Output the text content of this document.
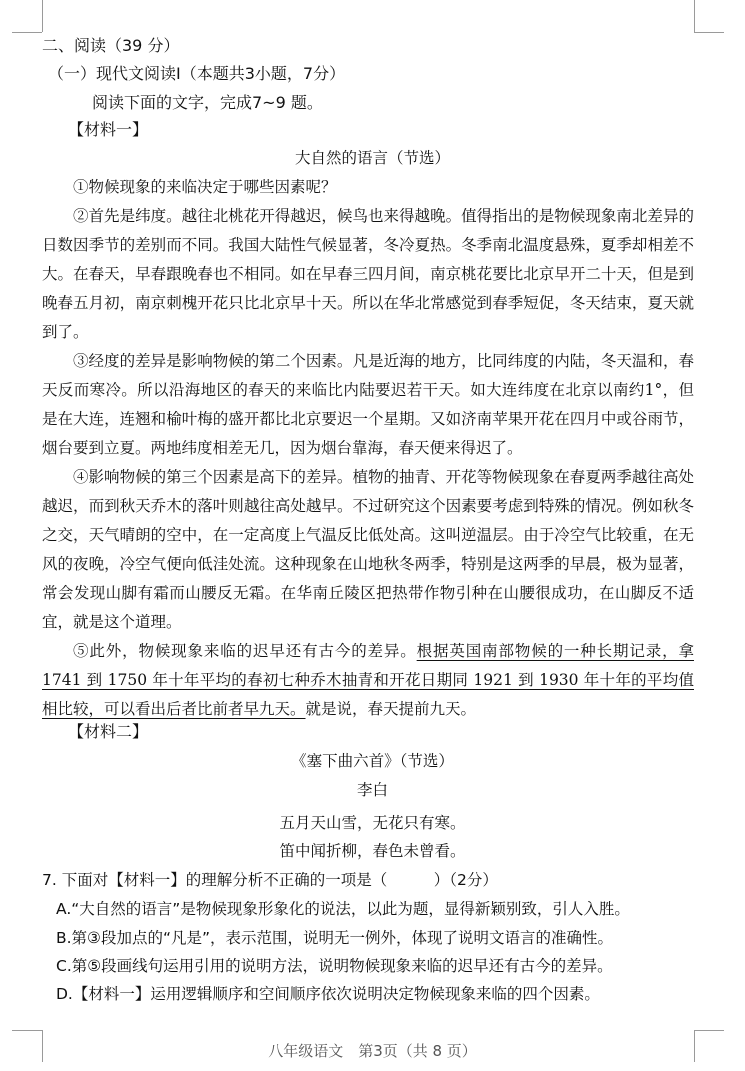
二、阅读（39 分）
（一）现代文阅读Ⅰ（本题共3小题，7分）
阅读下面的文字，完成7~9 题。
【材料一】
大自然的语言（节选）

①物候现象的来临决定于哪些因素呢？

②首先是纬度。越往北桃花开得越迟，候鸟也来得越晚。值得指出的是物候现象南北差异的日数因季节的差别而不同。我国大陆性气候显著，冬冷夏热。冬季南北温度悬殊，夏季却相差不大。在春天，早春跟晚春也不相同。如在早春三四月间，南京桃花要比北京早开二十天，但是到晚春五月初，南京刺槐开花只比北京早十天。所以在华北常感觉到春季短促，冬天结束，夏天就到了。

③经度的差异是影响物候的第二个因素。凡是近海的地方，比同纬度的内陆，冬天温和，春天反而寒冷。所以沿海地区的春天的来临比内陆要迟若干天。如大连纬度在北京以南约1°，但是在大连，连翘和榆叶梅的盛开都比北京要迟一个星期。又如济南苹果开花在四月中或谷雨节，烟台要到立夏。两地纬度相差无几，因为烟台靠海，春天便来得迟了。

④影响物候的第三个因素是高下的差异。植物的抽青、开花等物候现象在春夏两季越往高处越迟，而到秋天乔木的落叶则越往高处越早。不过研究这个因素要考虑到特殊的情况。例如秋冬之交，天气晴朗的空中，在一定高度上气温反比低处高。这叫逆温层。由于冷空气比较重，在无风的夜晚，冷空气便向低洼处流。这种现象在山地秋冬两季，特别是这两季的早晨，极为显著，常会发现山脚有霜而山腰反无霜。在华南丘陵区把热带作物引种在山腰很成功，在山脚反不适宜，就是这个道理。

⑤此外，物候现象来临的迟早还有古今的差异。根据英国南部物候的一种长期记录，拿1741 到 1750 年十年平均的春初七种乔木抽青和开花日期同 1921 到 1930 年十年的平均值相比较，可以看出后者比前者早九天。就是说，春天提前九天。

【材料二】
《塞下曲六首》（节选）
李白
五月天山雪，无花只有寒。
笛中闻折柳，春色未曾看。
7. 下面对【材料一】的理解分析不正确的一项是（　　　）（2分）
A.“大自然的语言”是物候现象形象化的说法，以此为题，显得新颖别致，引人入胜。
B.第③段加点的“凡是”，表示范围，说明无一例外，体现了说明文语言的准确性。
C.第⑤段画线句运用引用的说明方法，说明物候现象来临的迟早还有古今的差异。
D.【材料一】运用逻辑顺序和空间顺序依次说明决定物候现象来临的四个因素。
八年级语文　第3页（共 8 页）
